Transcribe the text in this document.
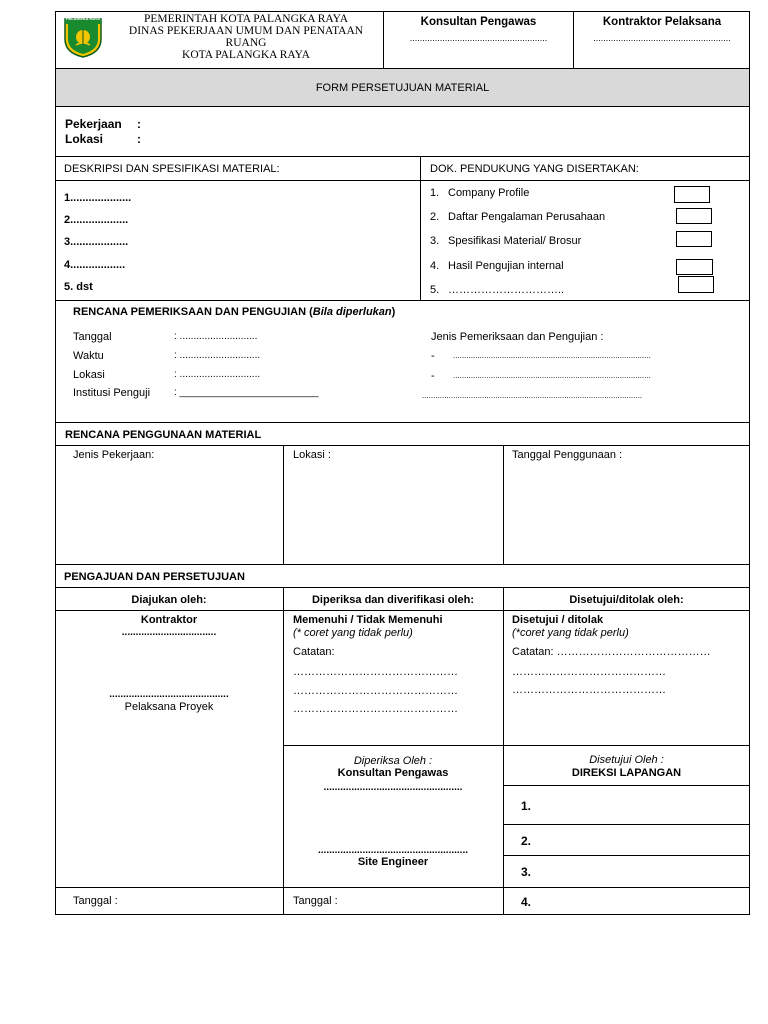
PALANGKA RAYA	PEMERINTAH KOTA PALANGKA RAYA
DINAS PEKERJAAN UMUM DAN PENATAAN
RUANG
KOTA PALANGKA RAYA
Konsultan Pengawas
.......................................................
Kontraktor Pelaksana
.......................................................
FORM PERSETUJUAN MATERIAL
Pekerjaan :
Lokasi	:
DESKRIPSI DAN SPESIFIKASI MATERIAL:
1....................
2...................
3...................
4..................
5. dst
DOK. PENDUKUNG YANG DISERTAKAN:
1. Company Profile
2. Daftar Pengalaman Perusahaan
3. Spesifikasi Material/ Brosur
4. Hasil Pengujian internal
5. …………………………..
RENCANA PEMERIKSAAN DAN PENGUJIAN (Bila diperlukan)
Tanggal	: ............................
Waktu	: .............................
Lokasi	: .............................
Institusi Penguji : _________________________
Jenis Pemeriksaan dan Pengujian :
- .........................................................................................
- .........................................................................................
...................................................................................................
RENCANA PENGGUNAAN MATERIAL
Jenis Pekerjaan:	Lokasi :	Tanggal Penggunaan :
PENGAJUAN DAN PERSETUJUAN
Diajukan oleh:	Diperiksa dan diverifikasi oleh:	Disetujui/ditolak oleh:
Kontraktor
..................................
...........................................
Pelaksana Proyek
Memenuhi / Tidak Memenuhi
(* coret yang tidak perlu)
Catatan:
………………………………………
………………………………………
………………………………………
Disetujui / ditolak
(*coret yang tidak perlu)
Catatan: ……………………………………
……………………………………
……………………………………
Diperiksa Oleh :
Konsultan Pengawas
..................................................
......................................................
Site Engineer
Disetujui Oleh :
DIREKSI LAPANGAN
1.
2.
3.
4.
Tanggal :	Tanggal :
